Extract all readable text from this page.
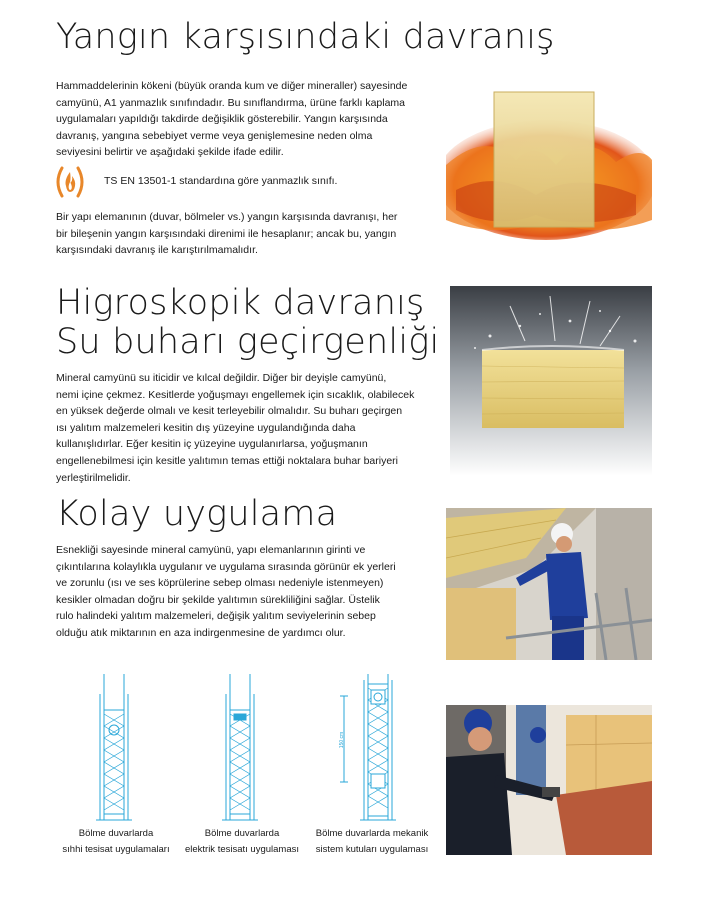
Yangın karşısındaki davranış
Hammaddelerinin kökeni (büyük oranda kum ve diğer mineraller) sayesinde
camyünü, A1 yanmazlık sınıfındadır. Bu sınıflandırma, ürüne farklı kaplama
uygulamaları yapıldığı takdirde değişiklik gösterebilir. Yangın karşısında
davranış, yangına sebebiyet verme veya genişlemesine neden olma
seviyesini belirtir ve aşağıdaki şekilde ifade edilir.
TS EN 13501-1 standardına göre yanmazlık sınıfı.
Bir yapı elemanının (duvar, bölmeler vs.) yangın karşısında davranışı, her
bir bileşenin yangın karşısındaki direnimi ile hesaplanır; ancak bu, yangın
karşısındaki davranış ile karıştırılmamalıdır.
Higroskopik davranış
Su buharı geçirgenliği
Mineral camyünü su iticidir ve kılcal değildir. Diğer bir deyişle camyünü,
nemi içine çekmez. Kesitlerde yoğuşmayı engellemek için sıcaklık, olabilecek
en yüksek değerde olmalı ve kesit terleyebilir olmalıdır. Su buharı geçirgen
ısı yalıtım malzemeleri kesitin dış yüzeyine uygulandığında daha
kullanışlıdırlar. Eğer kesitin iç yüzeyine uygulanırlarsa, yoğuşmanın
engellenebilmesi için kesitle yalıtımın temas ettiği noktalara buhar bariyeri
yerleştirilmelidir.
Kolay uygulama
Esnekliği sayesinde mineral camyünü, yapı elemanlarının girinti ve
çıkıntılarına kolaylıkla uygulanır ve uygulama sırasında görünür ek yerleri
ve zorunlu (ısı ve ses köprülerine sebep olması nedeniyle istenmeyen)
kesikler olmadan doğru bir şekilde yalıtımın sürekliliğini sağlar. Üstelik
rulo halindeki yalıtım malzemeleri, değişik yalıtım seviyelerinin sebep
olduğu atık miktarının en aza indirgenmesine de yardımcı olur.
Bölme duvarlarda
sıhhi tesisat uygulamaları
Bölme duvarlarda
elektrik tesisatı uygulaması
150 cm
Bölme duvarlarda mekanik
sistem kutuları uygulaması
